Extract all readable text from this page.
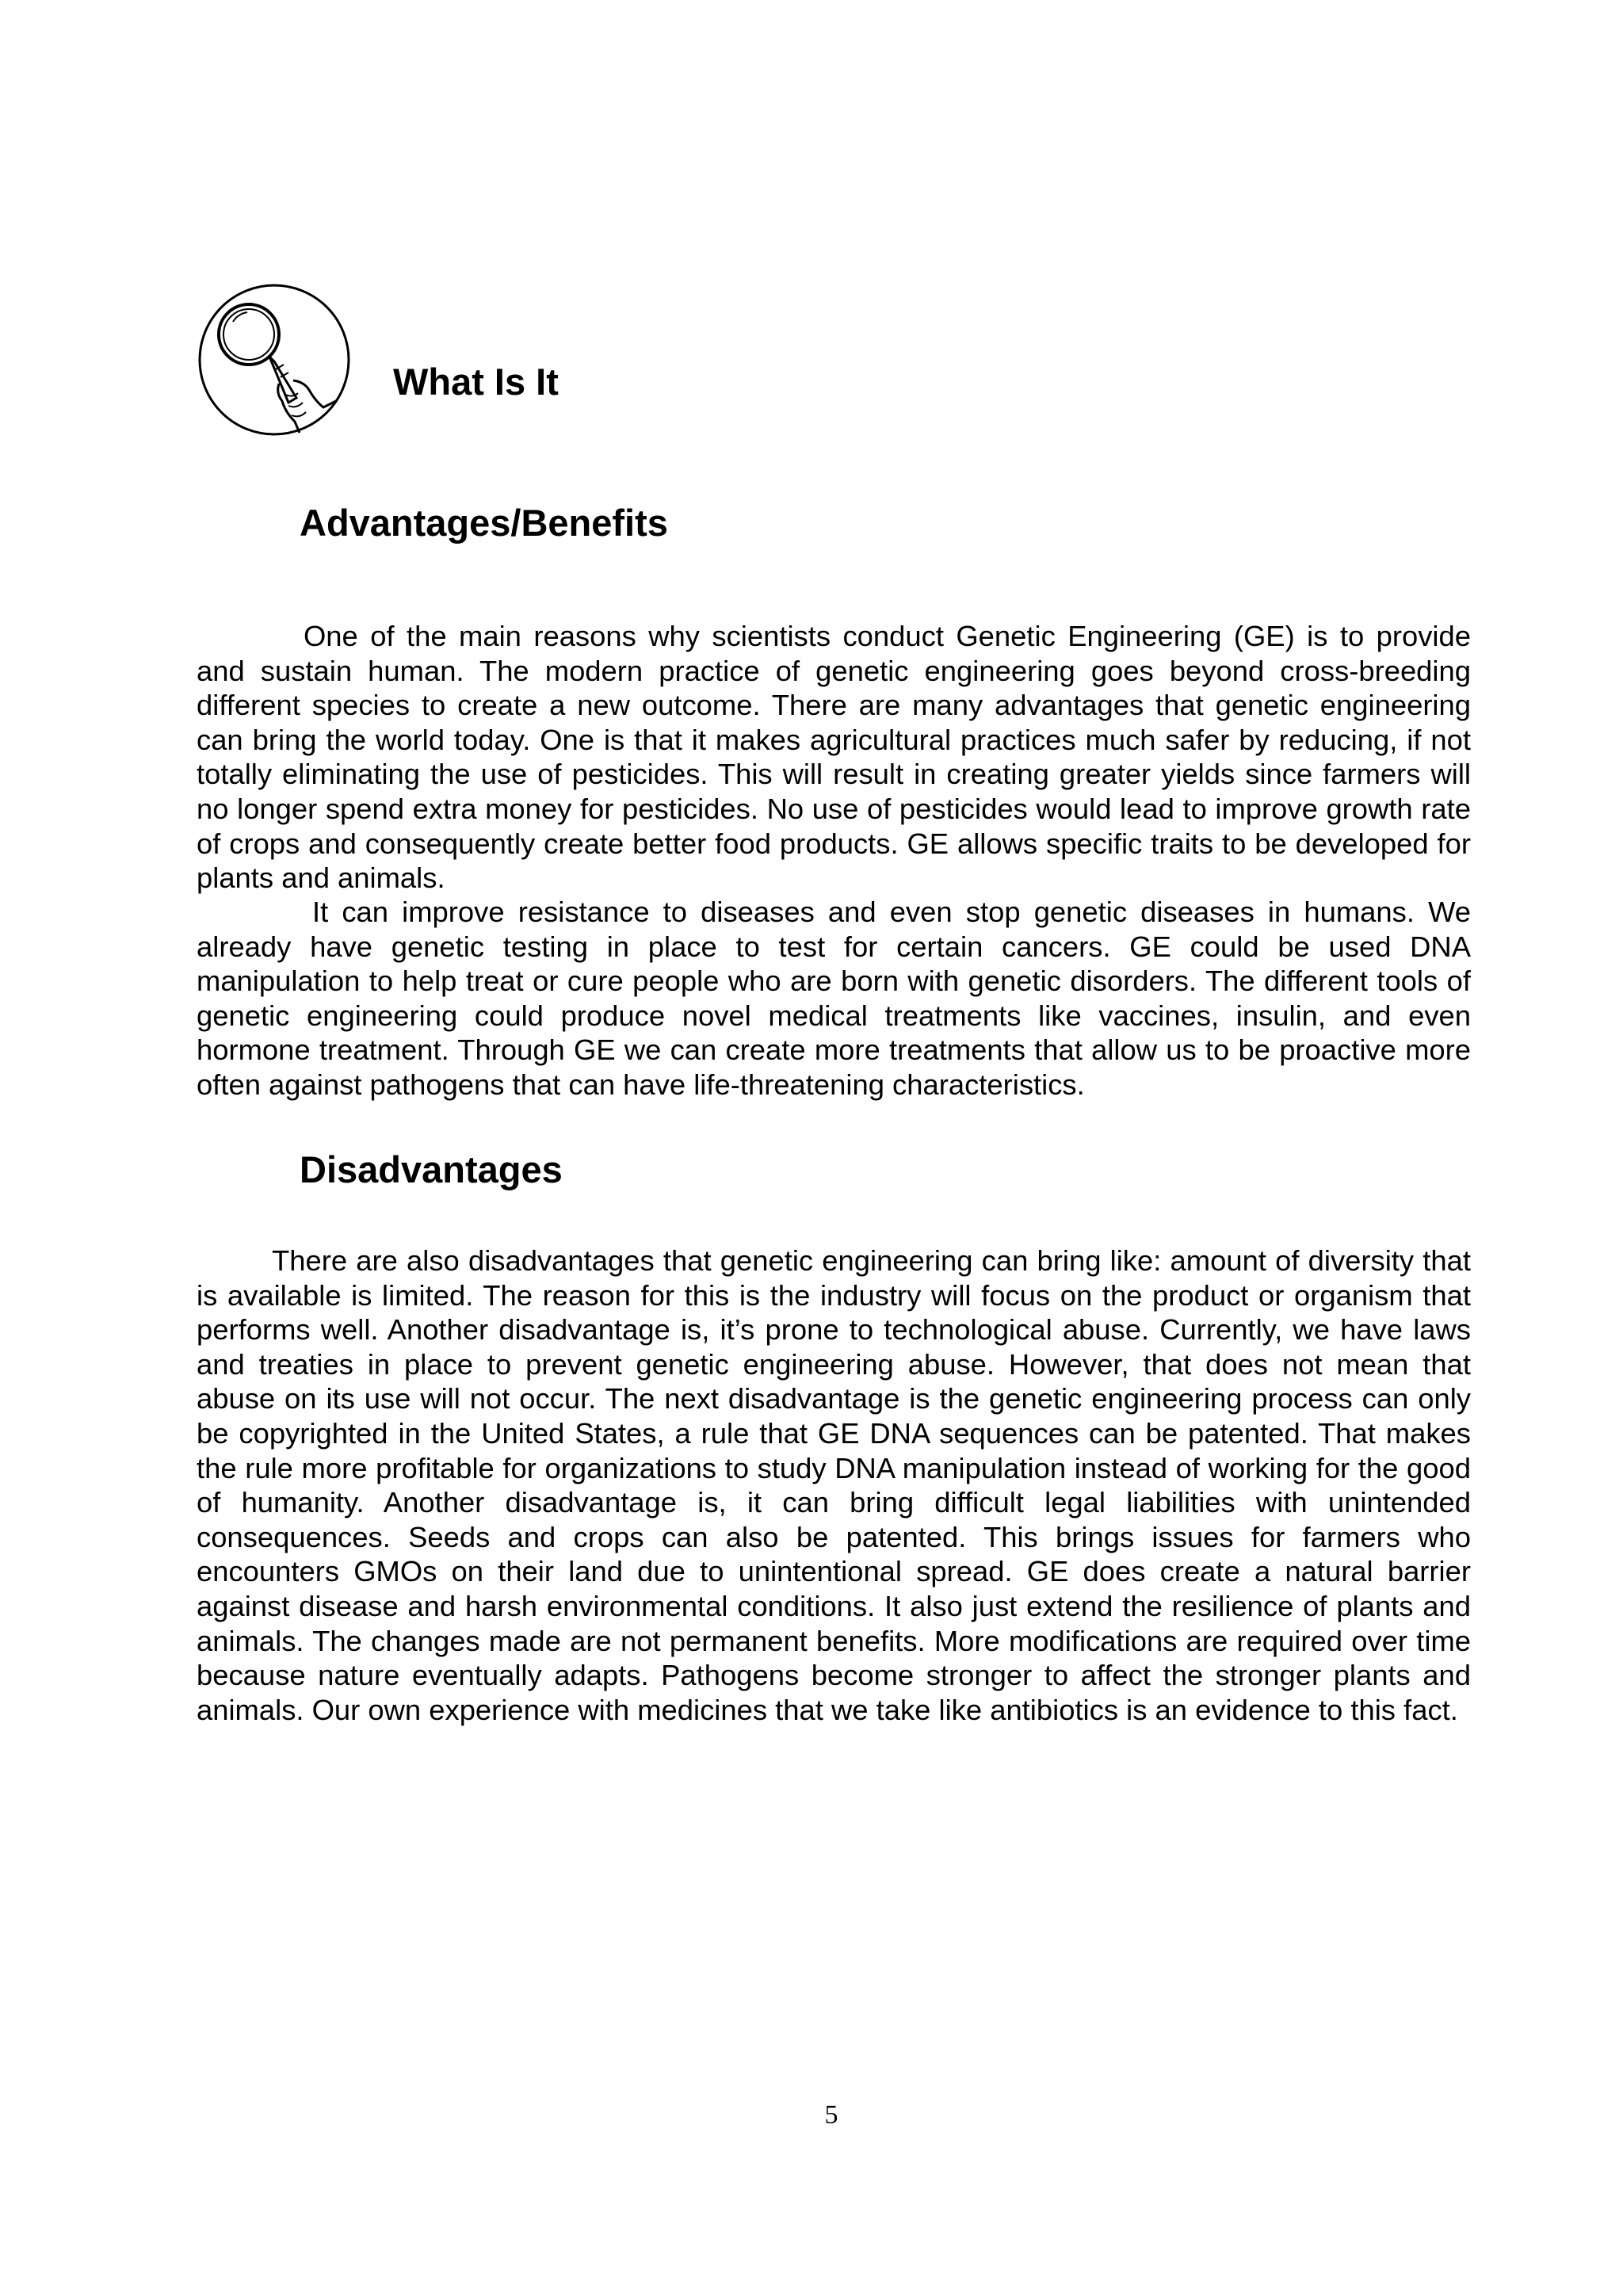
What Is It
Advantages/Benefits

One of the main reasons why scientists conduct Genetic Engineering (GE) is to provide and sustain human. The modern practice of genetic engineering goes beyond cross-breeding different species to create a new outcome. There are many advantages that genetic engineering can bring the world today. One is that it makes agricultural practices much safer by reducing, if not totally eliminating the use of pesticides. This will result in creating greater yields since farmers will no longer spend extra money for pesticides. No use of pesticides would lead to improve growth rate of crops and consequently create better food products. GE allows specific traits to be developed for plants and animals.

It can improve resistance to diseases and even stop genetic diseases in humans. We already have genetic testing in place to test for certain cancers. GE could be used DNA manipulation to help treat or cure people who are born with genetic disorders. The different tools of genetic engineering could produce novel medical treatments like vaccines, insulin, and even hormone treatment. Through GE we can create more treatments that allow us to be proactive more often against pathogens that can have life-threatening characteristics.

Disadvantages

There are also disadvantages that genetic engineering can bring like: amount of diversity that is available is limited. The reason for this is the industry will focus on the product or organism that performs well. Another disadvantage is, it’s prone to technological abuse. Currently, we have laws and treaties in place to prevent genetic engineering abuse. However, that does not mean that abuse on its use will not occur. The next disadvantage is the genetic engineering process can only be copyrighted in the United States, a rule that GE DNA sequences can be patented. That makes the rule more profitable for organizations to study DNA manipulation instead of working for the good of humanity. Another disadvantage is, it can bring difficult legal liabilities with unintended consequences. Seeds and crops can also be patented. This brings issues for farmers who encounters GMOs on their land due to unintentional spread. GE does create a natural barrier against disease and harsh environmental conditions. It also just extend the resilience of plants and animals. The changes made are not permanent benefits. More modifications are required over time because nature eventually adapts. Pathogens become stronger to affect the stronger plants and animals. Our own experience with medicines that we take like antibiotics is an evidence to this fact.

5
